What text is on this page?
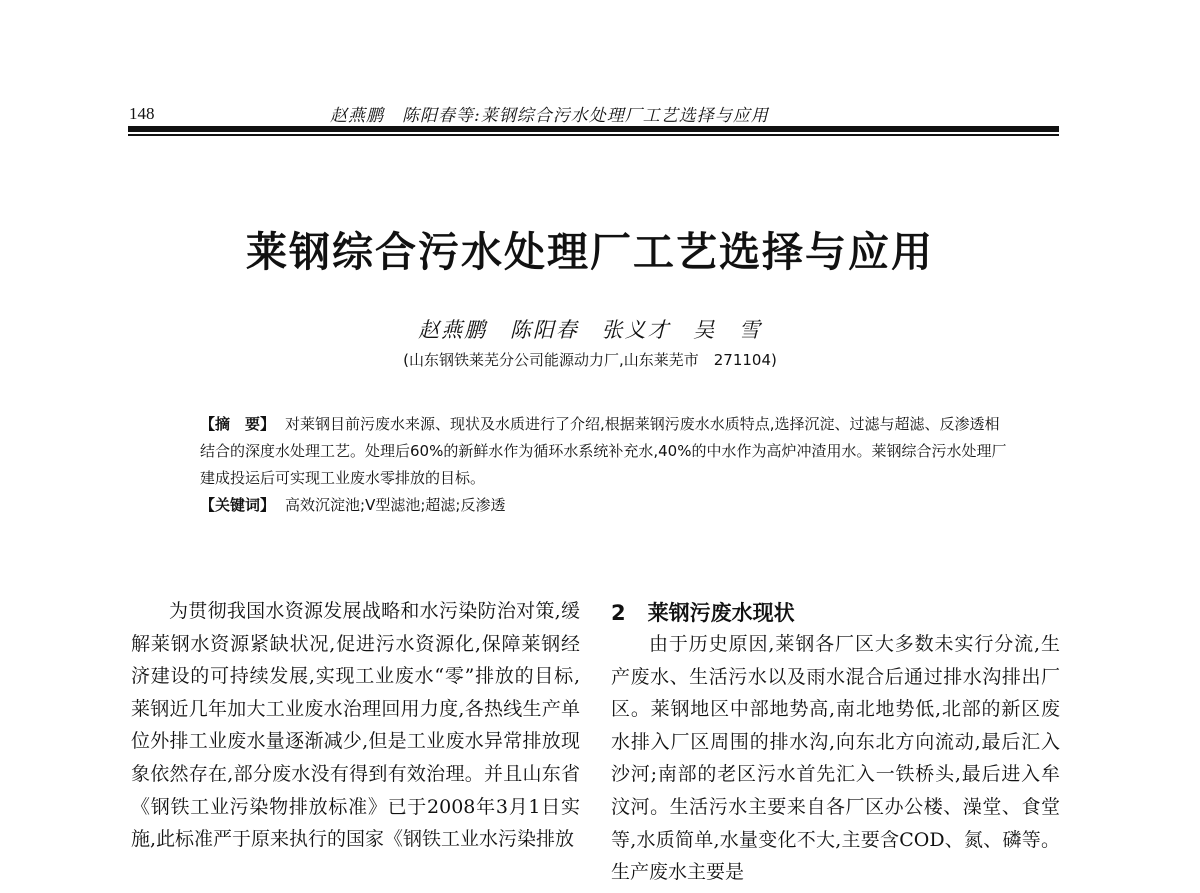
148	赵燕鹏　陈阳春等:莱钢综合污水处理厂工艺选择与应用
莱钢综合污水处理厂工艺选择与应用
赵燕鹏 陈阳春 张义才 吴 雪
(山东钢铁莱芜分公司能源动力厂,山东莱芜市　271104)

【摘　要】 对莱钢目前污废水来源、现状及水质进行了介绍,根据莱钢污废水水质特点,选择沉淀、过滤与超滤、反渗透相结合的深度水处理工艺。处理后60%的新鲜水作为循环水系统补充水,40%的中水作为高炉冲渣用水。莱钢综合污水处理厂建成投运后可实现工业废水零排放的目标。

【关键词】 高效沉淀池;V型滤池;超滤;反渗透

为贯彻我国水资源发展战略和水污染防治对策,缓解莱钢水资源紧缺状况,促进污水资源化,保障莱钢经济建设的可持续发展,实现工业废水“零”排放的目标,莱钢近几年加大工业废水治理回用力度,各热线生产单位外排工业废水量逐渐减少,但是工业废水异常排放现象依然存在,部分废水没有得到有效治理。并且山东省《钢铁工业污染物排放标准》已于2008年3月1日实施,此标准严于原来执行的国家《钢铁工业水污染排放

2 莱钢污废水现状

由于历史原因,莱钢各厂区大多数未实行分流,生产废水、生活污水以及雨水混合后通过排水沟排出厂区。莱钢地区中部地势高,南北地势低,北部的新区废水排入厂区周围的排水沟,向东北方向流动,最后汇入沙河;南部的老区污水首先汇入一铁桥头,最后进入牟汶河。生活污水主要来自各厂区办公楼、澡堂、食堂等,水质简单,水量变化不大,主要含COD、氮、磷等。生产废水主要是
